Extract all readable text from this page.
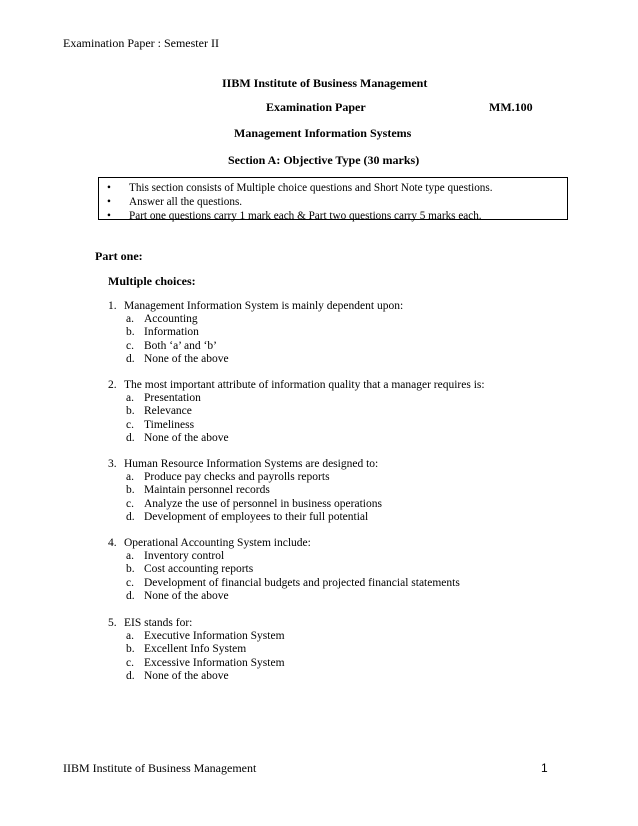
Examination Paper : Semester II
IIBM Institute of Business Management
Examination Paper	MM.100
Management Information Systems
Section A: Objective Type (30 marks)
• This section consists of Multiple choice questions and Short Note type questions.
• Answer all the questions.
• Part one questions carry 1 mark each & Part two questions carry 5 marks each.
Part one:
Multiple choices:
1. Management Information System is mainly dependent upon:
a. Accounting
b. Information
c. Both ‘a’ and ‘b’
d. None of the above
2. The most important attribute of information quality that a manager requires is:
a. Presentation
b. Relevance
c. Timeliness
d. None of the above
3. Human Resource Information Systems are designed to:
a. Produce pay checks and payrolls reports
b. Maintain personnel records
c. Analyze the use of personnel in business operations
d. Development of employees to their full potential
4. Operational Accounting System include:
a. Inventory control
b. Cost accounting reports
c. Development of financial budgets and projected financial statements
d. None of the above
5. EIS stands for:
a. Executive Information System
b. Excellent Info System
c. Excessive Information System
d. None of the above
IIBM Institute of Business Management	1
